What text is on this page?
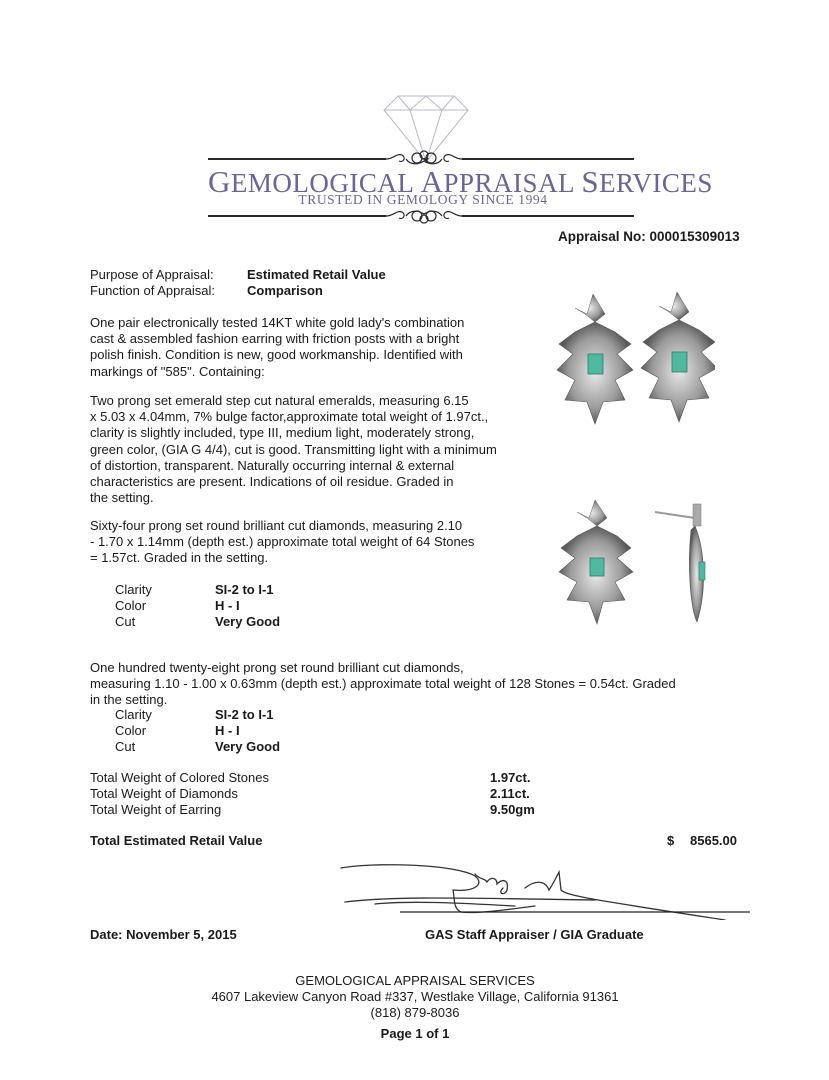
GEMOLOGICAL APPRAISAL SERVICES
TRUSTED IN GEMOLOGY SINCE 1994
Appraisal No: 000015309013
Purpose of Appraisal:	Estimated Retail Value
Function of Appraisal: Comparison
One pair electronically tested 14KT white gold lady's combination
cast & assembled fashion earring with friction posts with a bright
polish finish. Condition is new, good workmanship. Identified with
markings of "585". Containing:
Two prong set emerald step cut natural emeralds, measuring 6.15
x 5.03 x 4.04mm, 7% bulge factor,approximate total weight of 1.97ct.,
clarity is slightly included, type III, medium light, moderately strong,
green color, (GIA G 4/4), cut is good. Transmitting light with a minimum
of distortion, transparent. Naturally occurring internal & external
characteristics are present. Indications of oil residue. Graded in
the setting.
Sixty-four prong set round brilliant cut diamonds, measuring 2.10
- 1.70 x 1.14mm (depth est.) approximate total weight of 64 Stones
= 1.57ct. Graded in the setting.
Clarity	SI-2 to I-1
Color	H - I
Cut	Very Good
One hundred twenty-eight prong set round brilliant cut diamonds,
measuring 1.10 - 1.00 x 0.63mm (depth est.) approximate total weight of 128 Stones = 0.54ct. Graded
in the setting.
Clarity	SI-2 to I-1
Color	H - I
Cut	Very Good
Total Weight of Colored Stones	1.97ct.
Total Weight of Diamonds	2.11ct.
Total Weight of Earring	9.50gm
Total Estimated Retail Value	$ 8565.00
Date: November 5, 2015	GAS Staff Appraiser / GIA Graduate
GEMOLOGICAL APPRAISAL SERVICES
4607 Lakeview Canyon Road #337, Westlake Village, California 91361
(818) 879-8036
Page 1 of 1
